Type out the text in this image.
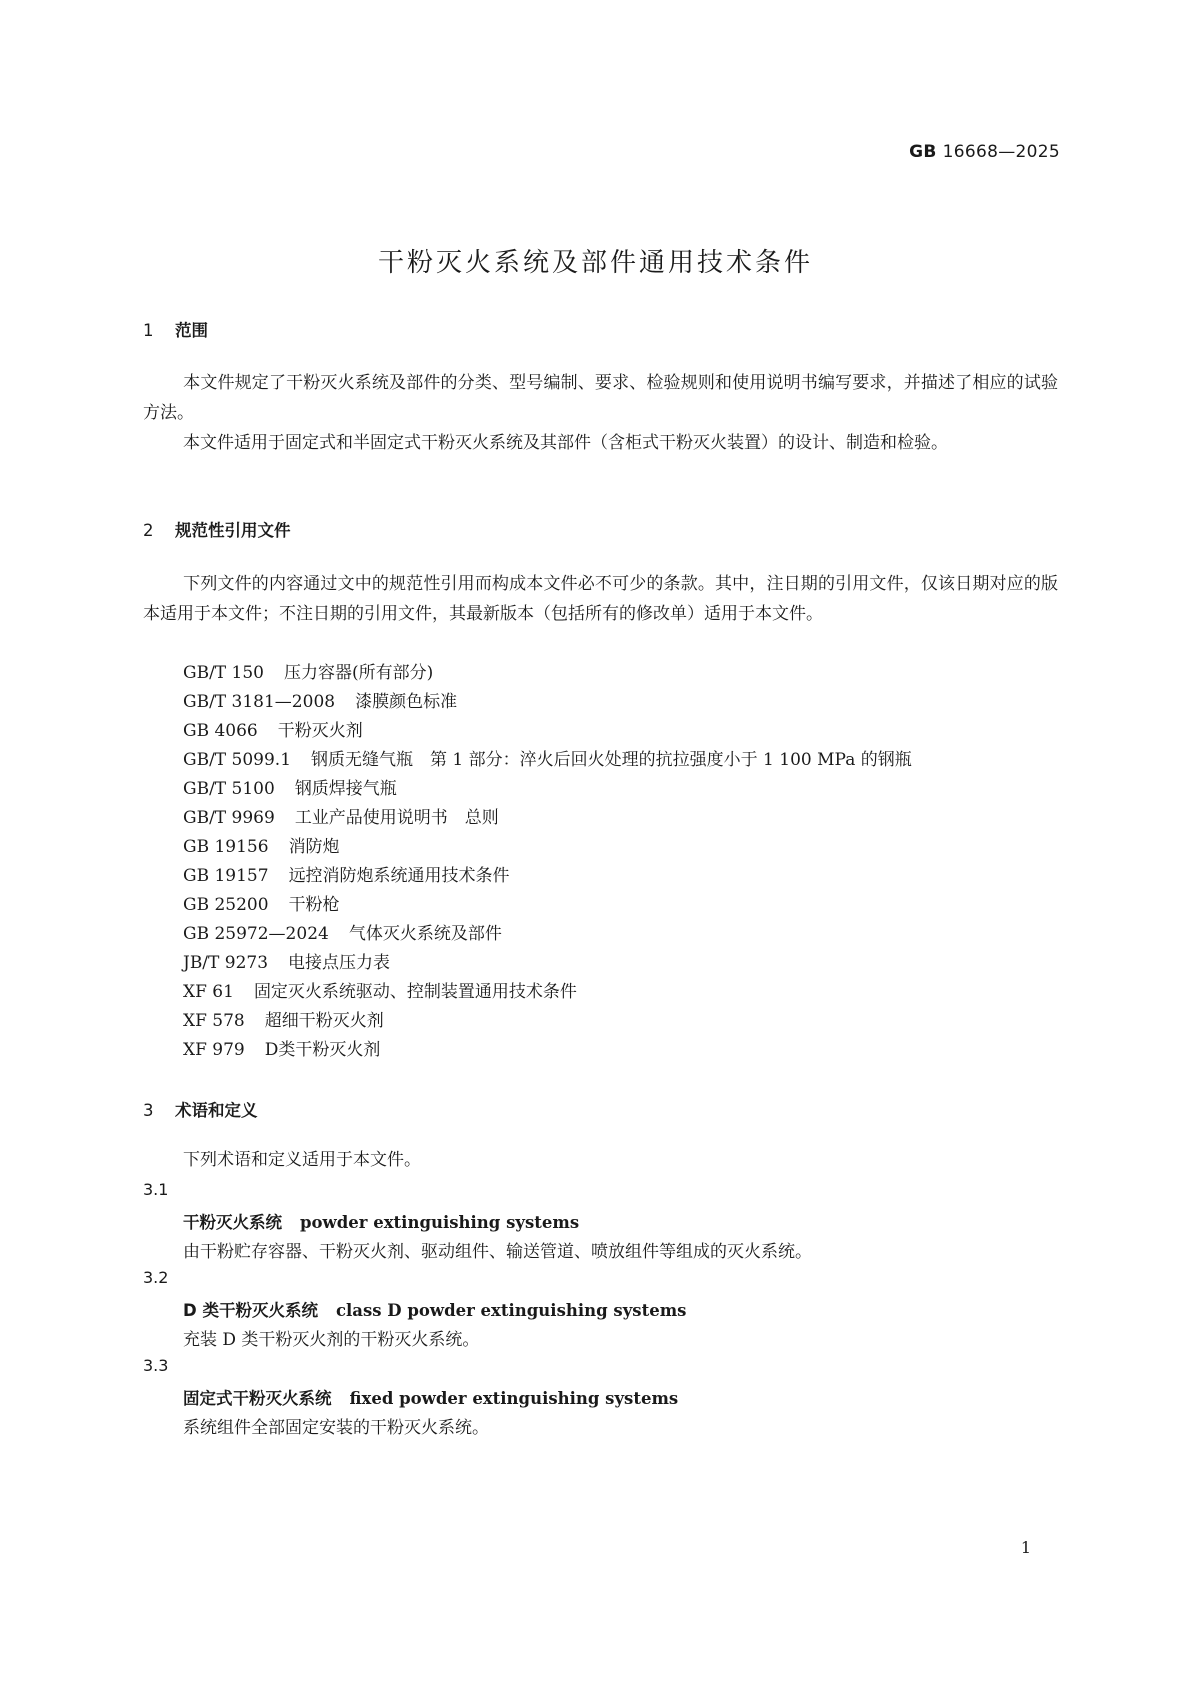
GB 16668—2025
干粉灭火系统及部件通用技术条件
1 范围
本文件规定了干粉灭火系统及部件的分类、型号编制、要求、检验规则和使用说明书编写要求，并描述了相应的试验方法。
本文件适用于固定式和半固定式干粉灭火系统及其部件（含柜式干粉灭火装置）的设计、制造和检验。
2 规范性引用文件
下列文件的内容通过文中的规范性引用而构成本文件必不可少的条款。其中，注日期的引用文件，仅该日期对应的版本适用于本文件；不注日期的引用文件，其最新版本（包括所有的修改单）适用于本文件。
GB/T 150 压力容器(所有部分)
GB/T 3181—2008 漆膜颜色标准
GB 4066 干粉灭火剂
GB/T 5099.1 钢质无缝气瓶　第 1 部分：淬火后回火处理的抗拉强度小于 1 100 MPa 的钢瓶
GB/T 5100 钢质焊接气瓶
GB/T 9969 工业产品使用说明书　总则
GB 19156 消防炮
GB 19157 远控消防炮系统通用技术条件
GB 25200 干粉枪
GB 25972—2024 气体灭火系统及部件
JB/T 9273 电接点压力表
XF 61 固定灭火系统驱动、控制装置通用技术条件
XF 578 超细干粉灭火剂
XF 979 D类干粉灭火剂
3 术语和定义
下列术语和定义适用于本文件。
3.1
干粉灭火系统 powder extinguishing systems
由干粉贮存容器、干粉灭火剂、驱动组件、输送管道、喷放组件等组成的灭火系统。
3.2
D 类干粉灭火系统 class D powder extinguishing systems
充装 D 类干粉灭火剂的干粉灭火系统。
3.3
固定式干粉灭火系统 fixed powder extinguishing systems
系统组件全部固定安装的干粉灭火系统。
1
